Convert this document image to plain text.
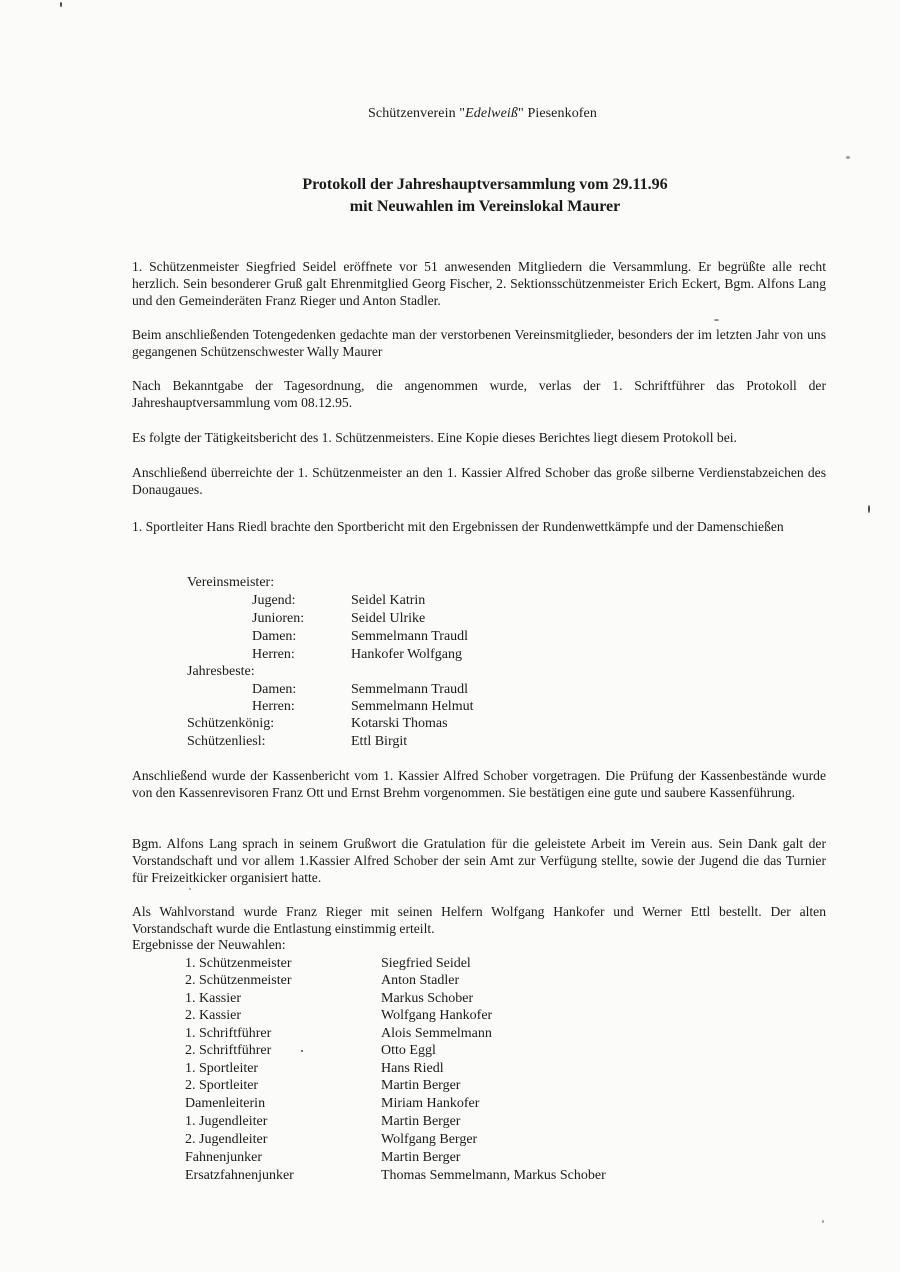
Schützenverein "Edelweiß" Piesenkofen
Protokoll der Jahreshauptversammlung vom 29.11.96
mit Neuwahlen im Vereinslokal Maurer
1. Schützenmeister Siegfried Seidel eröffnete vor 51 anwesenden Mitgliedern die Versammlung. Er begrüßte alle recht herzlich. Sein besonderer Gruß galt Ehrenmitglied Georg Fischer, 2. Sektionsschützenmeister Erich Eckert, Bgm. Alfons Lang und den Gemeinderäten Franz Rieger und Anton Stadler.
Beim anschließenden Totengedenken gedachte man der verstorbenen Vereinsmitglieder, besonders der im letzten Jahr von uns gegangenen Schützenschwester Wally Maurer
Nach Bekanntgabe der Tagesordnung, die angenommen wurde, verlas der 1. Schriftführer das Protokoll der Jahreshauptversammlung vom 08.12.95.
Es folgte der Tätigkeitsbericht des 1. Schützenmeisters. Eine Kopie dieses Berichtes liegt diesem Protokoll bei.
Anschließend überreichte der 1. Schützenmeister an den 1. Kassier Alfred Schober das große silberne Verdienstabzeichen des Donaugaues.
1. Sportleiter Hans Riedl brachte den Sportbericht mit den Ergebnissen der Rundenwettkämpfe und der Damenschießen
Vereinsmeister:
Jugend:	Seidel Katrin
Junioren:	Seidel Ulrike
Damen:	Semmelmann Traudl
Herren:	Hankofer Wolfgang
Jahresbeste:
Damen:	Semmelmann Traudl
Herren:	Semmelmann Helmut
Schützenkönig:	Kotarski Thomas
Schützenliesl:	Ettl Birgit
Anschließend wurde der Kassenbericht vom 1. Kassier Alfred Schober vorgetragen. Die Prüfung der Kassenbestände wurde von den Kassenrevisoren Franz Ott und Ernst Brehm vorgenommen. Sie bestätigen eine gute und saubere Kassenführung.
Bgm. Alfons Lang sprach in seinem Grußwort die Gratulation für die geleistete Arbeit im Verein aus. Sein Dank galt der Vorstandschaft und vor allem 1.Kassier Alfred Schober der sein Amt zur Verfügung stellte, sowie der Jugend die das Turnier für Freizeitkicker organisiert hatte.
Als Wahlvorstand wurde Franz Rieger mit seinen Helfern Wolfgang Hankofer und Werner Ettl bestellt. Der alten Vorstandschaft wurde die Entlastung einstimmig erteilt.
Ergebnisse der Neuwahlen:
1. Schützenmeister	Siegfried Seidel
2. Schützenmeister	Anton Stadler
1. Kassier	Markus Schober
2. Kassier	Wolfgang Hankofer
1. Schriftführer	Alois Semmelmann
2. Schriftführer	Otto Eggl
1. Sportleiter	Hans Riedl
2. Sportleiter	Martin Berger
Damenleiterin	Miriam Hankofer
1. Jugendleiter	Martin Berger
2. Jugendleiter	Wolfgang Berger
Fahnenjunker	Martin Berger
Ersatzfahnenjunker	Thomas Semmelmann, Markus Schober
